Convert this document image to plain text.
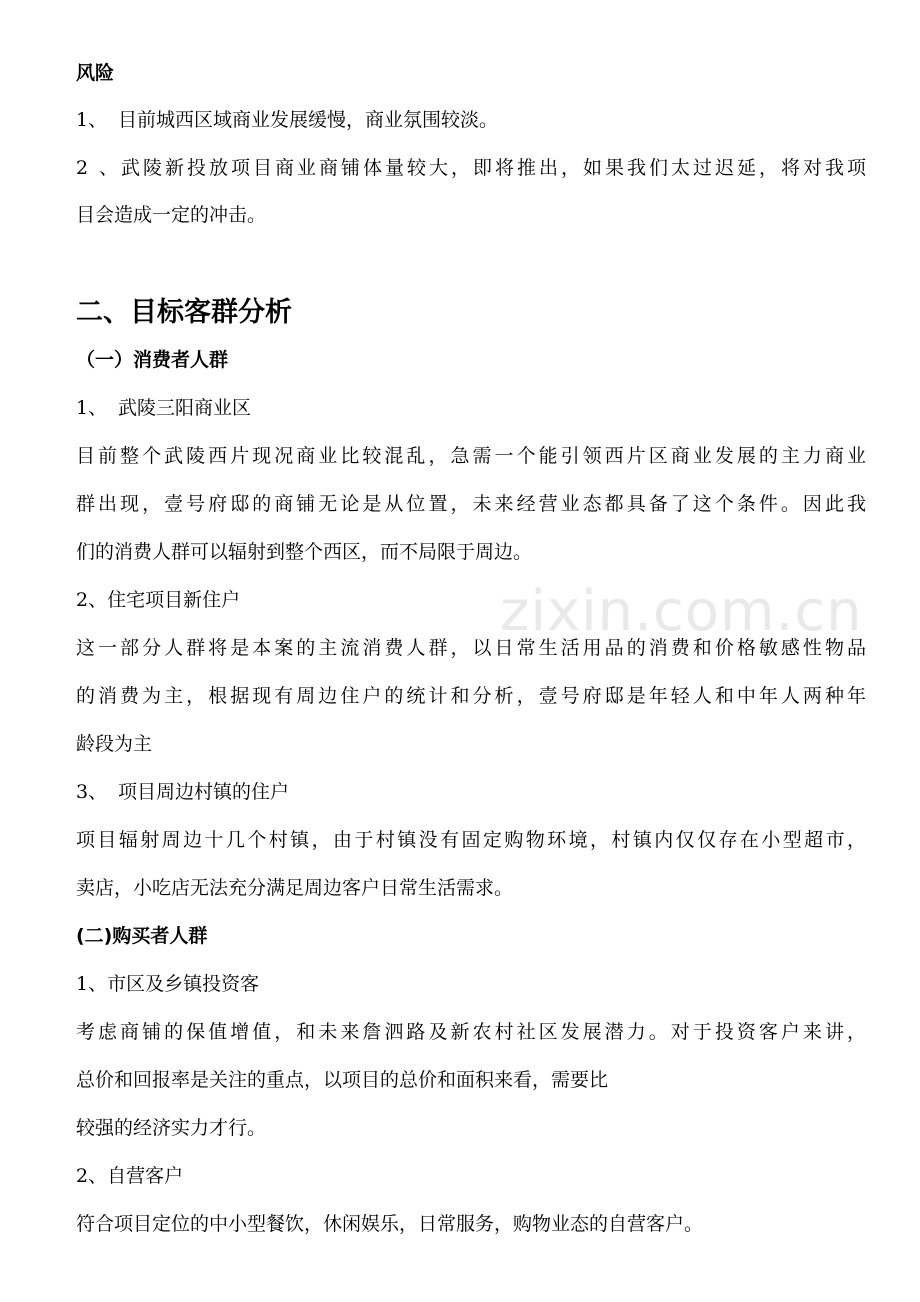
zixin.com.cn
风险
1、 目前城西区域商业发展缓慢，商业氛围较淡。
2、武陵新投放项目商业商铺体量较大，即将推出，如果我们太过迟延，将对我项
目会造成一定的冲击。
二、目标客群分析
（一）消费者人群
1、 武陵三阳商业区
目前整个武陵西片现况商业比较混乱，急需一个能引领西片区商业发展的主力商业
群出现，壹号府邸的商铺无论是从位置，未来经营业态都具备了这个条件。因此我
们的消费人群可以辐射到整个西区，而不局限于周边。
2、住宅项目新住户
这一部分人群将是本案的主流消费人群，以日常生活用品的消费和价格敏感性物品
的消费为主，根据现有周边住户的统计和分析，壹号府邸是年轻人和中年人两种年
龄段为主
3、 项目周边村镇的住户
项目辐射周边十几个村镇，由于村镇没有固定购物环境，村镇内仅仅存在小型超市，
卖店，小吃店无法充分满足周边客户日常生活需求。
(二)购买者人群
1、市区及乡镇投资客
考虑商铺的保值增值，和未来詹泗路及新农村社区发展潜力。对于投资客户来讲，
总价和回报率是关注的重点，以项目的总价和面积来看，需要比
较强的经济实力才行。
2、自营客户
符合项目定位的中小型餐饮，休闲娱乐，日常服务，购物业态的自营客户。
